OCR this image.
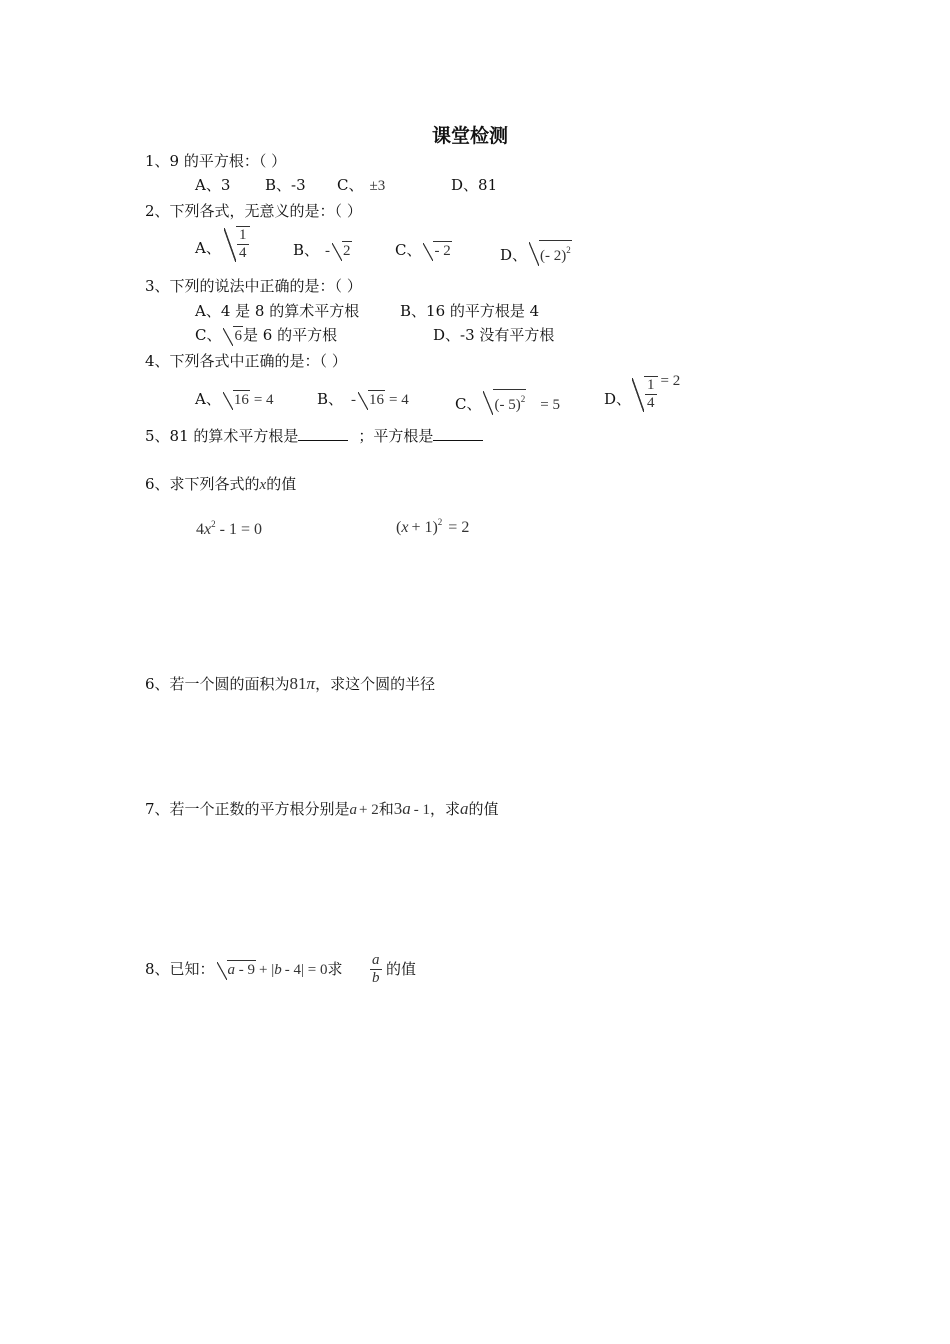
课堂检测
1、9 的平方根：（ ）
A、3 B、-3 C、 ±3	D、81
2、下列各式，无意义的是：（ ）
A、 $\frac{1}{4}$	B、 - 2	C、 - 2	D、 (- 2)$^2$
3、下列的说法中正确的是：（ ）
A、4 是 8 的算术平方根	B、16 的平方根是 4
C、 6是 6 的平方根	D、-3 没有平方根
4、下列各式中正确的是：（ ）
A、 16 = 4	B、 - 16 = 4	C、 (- 5)$^2$ = 5	D、 $\frac{1}{4} = 2$
5、81 的算术平方根是	；平方根是
6、求下列各式的x的值
$4x^2 - 1 = 0$	$(x + 1)^2 = 2$
6、若一个圆的面积为81π，求这个圆的半径
7、若一个正数的平方根分别是a + 2和3a - 1，求a的值
8、已知： a - 9 + |b - 4| = 0求 $\frac{a}{b}$ 的值
